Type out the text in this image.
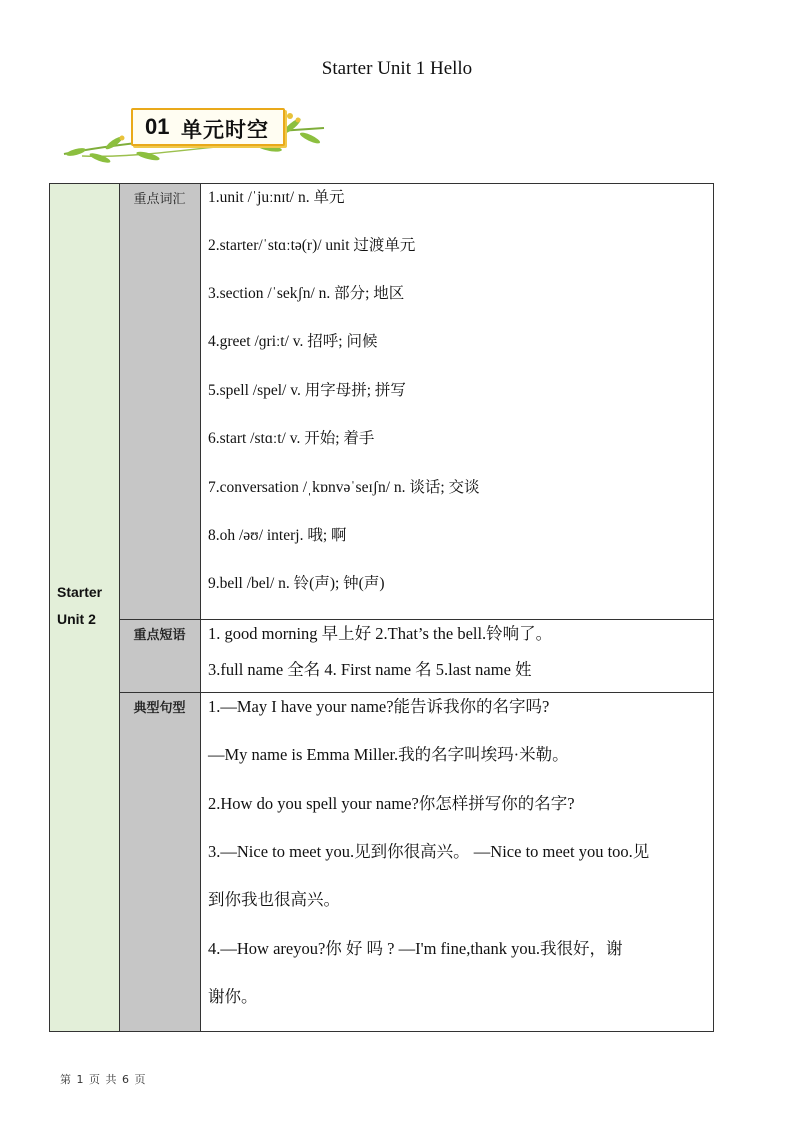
Starter Unit 1 Hello
01 单元时空
Starter
Unit 2
重点词汇	1.unit /ˈjuːnɪt/ n. 单元
2.starter/ˈstɑːtə(r)/ unit 过渡单元
3.section /ˈsekʃn/ n. 部分; 地区
4.greet /ɡriːt/ v. 招呼; 问候
5.spell /spel/ v. 用字母拼; 拼写
6.start /stɑːt/ v. 开始; 着手
7.conversation /ˌkɒnvəˈseɪʃn/ n. 谈话; 交谈
8.oh /əʊ/ interj. 哦; 啊
9.bell /bel/ n. 铃(声); 钟(声)
重点短语	1. good morning 早上好 2.That’s the bell.铃响了。
3.full name 全名 4. First name 名 5.last name 姓
典型句型	1.—May I have your name?能告诉我你的名字吗?
—My name is Emma Miller.我的名字叫埃玛·米勒。
2.How do you spell your name?你怎样拼写你的名字?
3.—Nice to meet you.见到你很高兴。 —Nice to meet you too.见
到你我也很高兴。
4.—How areyou?你 好 吗 ? —I'm fine,thank you.我很好，谢
谢你。
第 1 页 共 6 页
